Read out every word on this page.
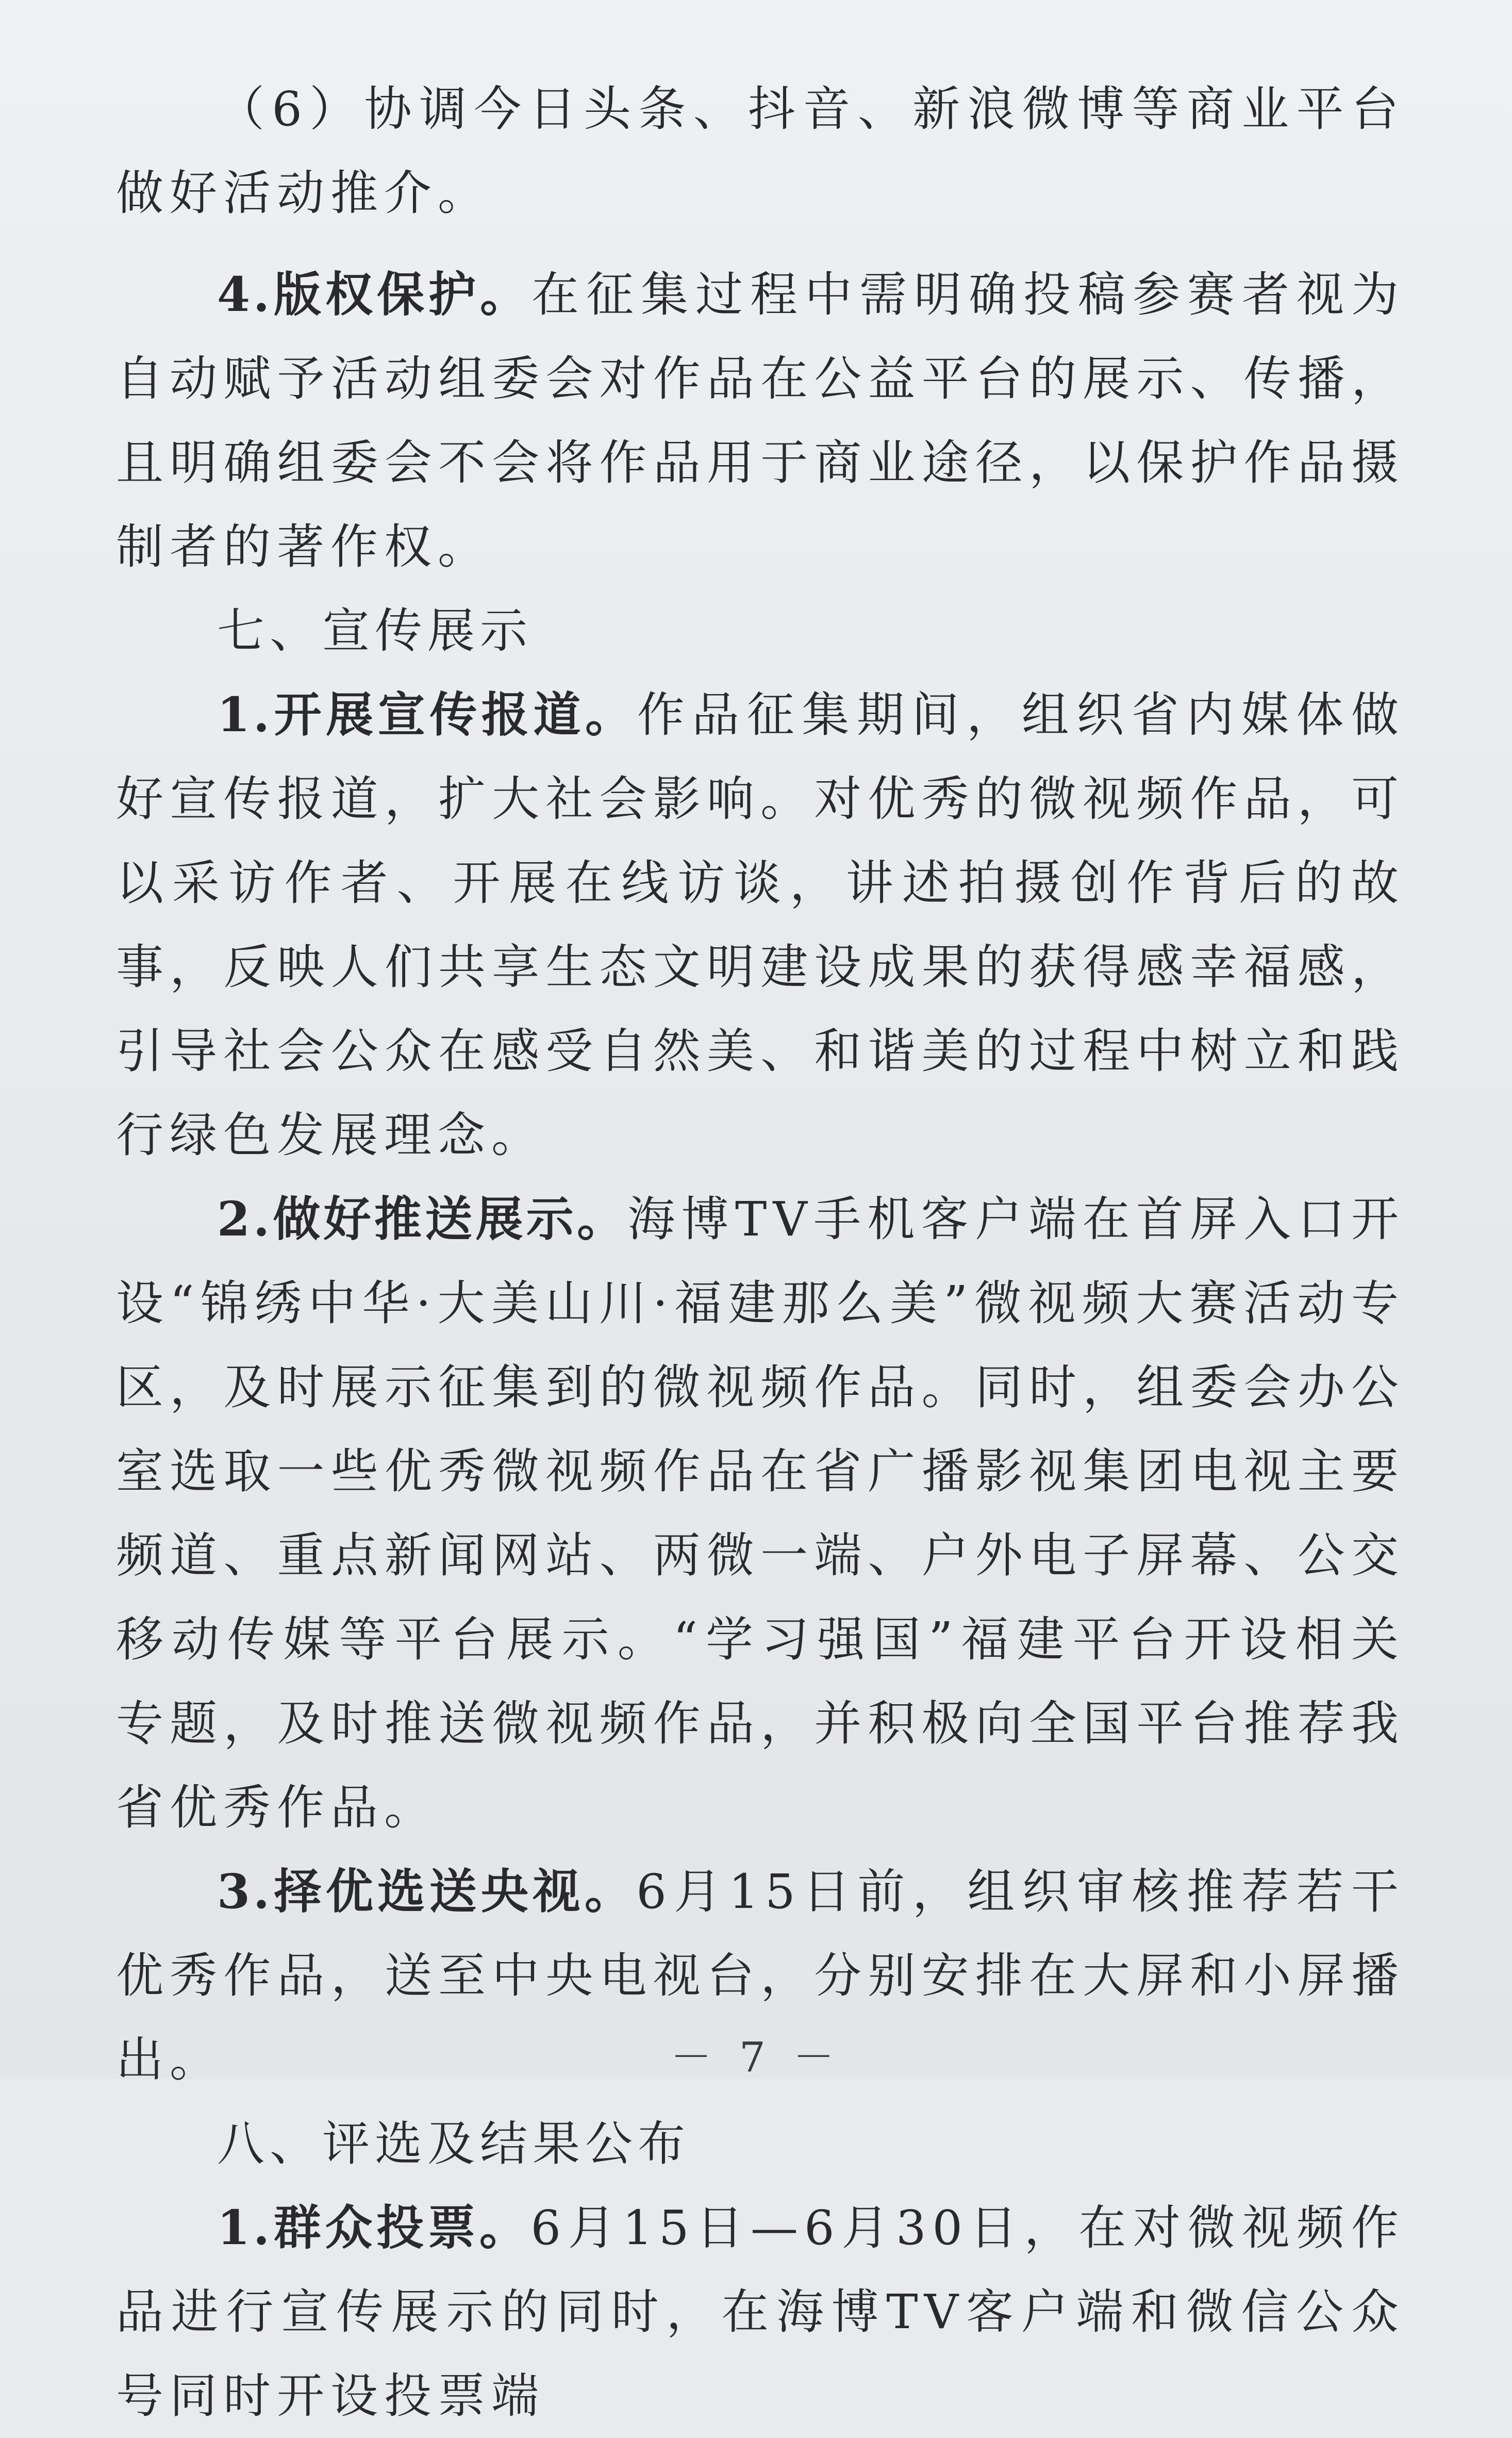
（6）协调今日头条、抖音、新浪微博等商业平台做好活动推介。

4.版权保护。在征集过程中需明确投稿参赛者视为自动赋予活动组委会对作品在公益平台的展示、传播，且明确组委会不会将作品用于商业途径，以保护作品摄制者的著作权。

七、宣传展示

1.开展宣传报道。作品征集期间，组织省内媒体做好宣传报道，扩大社会影响。对优秀的微视频作品，可以采访作者、开展在线访谈，讲述拍摄创作背后的故事，反映人们共享生态文明建设成果的获得感幸福感，引导社会公众在感受自然美、和谐美的过程中树立和践行绿色发展理念。

2.做好推送展示。海博TV手机客户端在首屏入口开设“锦绣中华·大美山川·福建那么美”微视频大赛活动专区，及时展示征集到的微视频作品。同时，组委会办公室选取一些优秀微视频作品在省广播影视集团电视主要频道、重点新闻网站、两微一端、户外电子屏幕、公交移动传媒等平台展示。“学习强国”福建平台开设相关专题，及时推送微视频作品，并积极向全国平台推荐我省优秀作品。

3.择优选送央视。6月15日前，组织审核推荐若干优秀作品，送至中央电视台，分别安排在大屏和小屏播出。

八、评选及结果公布

1.群众投票。6月15日—6月30日，在对微视频作品进行宣传展示的同时，在海博TV客户端和微信公众号同时开设投票端

－ 7 －
